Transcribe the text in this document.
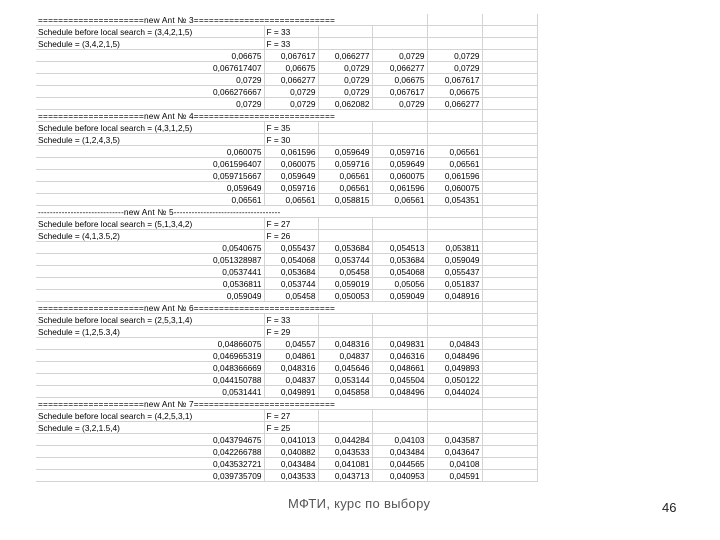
=====================new Ant № 3============================					
Schedule before local search = (3,4,2,1,5)	F = 33				
Schedule = (3,4,2,1,5)	F = 33				
0,06675	0,067617	0,066277	0,0729	0,0729	
0,067617407	0,06675	0,0729	0,066277	0,0729	
0,0729	0,066277	0,0729	0,06675	0,067617	
0,066276667	0,0729	0,0729	0,067617	0,06675	
0,0729	0,0729	0,062082	0,0729	0,066277	
=====================new Ant № 4============================					
Schedule before local search = (4,3,1,2,5)	F = 35				
Schedule = (1,2,4,3,5)	F = 30				
0,060075	0,061596	0,059649	0,059716	0,06561	
0,061596407	0,060075	0,059716	0,059649	0,06561	
0,059715667	0,059649	0,06561	0,060075	0,061596	
0,059649	0,059716	0,06561	0,061596	0,060075	
0,06561	0,06561	0,058815	0,06561	0,054351	
-----------------------------new Ant № 5------------------------------------					
Schedule before local search = (5,1,3,4,2)	F = 27				
Schedule = (4,1,3.5,2)	F = 26				
0,0540675	0,055437	0,053684	0,054513	0,053811	
0,051328987	0,054068	0,053744	0,053684	0,059049	
0,0537441	0,053684	0,05458	0,054068	0,055437	
0,0536811	0,053744	0,059019	0,05056	0,051837	
0,059049	0,05458	0,050053	0,059049	0,048916	
=====================new Ant № 6============================					
Schedule before local search = (2,5,3,1,4)	F = 33				
Schedule = (1,2,5.3,4)	F = 29				
0,04866075	0,04557	0,048316	0,049831	0,04843	
0,046965319	0,04861	0,04837	0,046316	0,048496	
0,048366669	0,048316	0,045646	0,048661	0,049893	
0,044150788	0,04837	0,053144	0,045504	0,050122	
0,0531441	0,049891	0,045858	0,048496	0,044024	
=====================new Ant № 7============================					
Schedule before local search = (4,2,5,3,1)	F = 27				
Schedule = (3,2,1.5,4)	F = 25				
0,043794675	0,041013	0,044284	0,04103	0,043587	
0,042266788	0,040882	0,043533	0,043484	0,043647	
0,043532721	0,043484	0,041081	0,044565	0,04108	
0,039735709	0,043533	0,043713	0,040953	0,04591	
МФТИ, курс по выбору	46
